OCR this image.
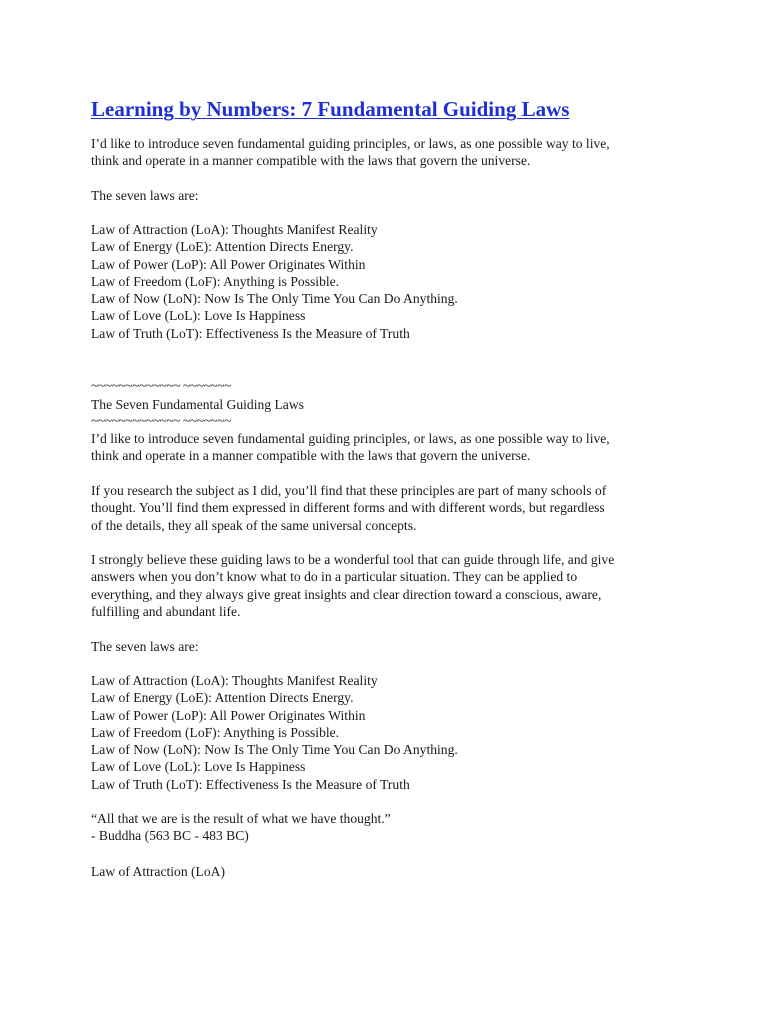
Learning by Numbers: 7 Fundamental Guiding Laws
I’d like to introduce seven fundamental guiding principles, or laws, as one possible way to live,
think and operate in a manner compatible with the laws that govern the universe.
The seven laws are:
Law of Attraction (LoA): Thoughts Manifest Reality
Law of Energy (LoE): Attention Directs Energy.
Law of Power (LoP): All Power Originates Within
Law of Freedom (LoF): Anything is Possible.
Law of Now (LoN): Now Is The Only Time You Can Do Anything.
Law of Love (LoL): Love Is Happiness
Law of Truth (LoT): Effectiveness Is the Measure of Truth
~~~~~~~~~~~~~ ~~~~~~~
The Seven Fundamental Guiding Laws
~~~~~~~~~~~~~ ~~~~~~~
I’d like to introduce seven fundamental guiding principles, or laws, as one possible way to live,
think and operate in a manner compatible with the laws that govern the universe.
If you research the subject as I did, you’ll find that these principles are part of many schools of
thought. You’ll find them expressed in different forms and with different words, but regardless
of the details, they all speak of the same universal concepts.
I strongly believe these guiding laws to be a wonderful tool that can guide through life, and give
answers when you don’t know what to do in a particular situation. They can be applied to
everything, and they always give great insights and clear direction toward a conscious, aware,
fulfilling and abundant life.
The seven laws are:
Law of Attraction (LoA): Thoughts Manifest Reality
Law of Energy (LoE): Attention Directs Energy.
Law of Power (LoP): All Power Originates Within
Law of Freedom (LoF): Anything is Possible.
Law of Now (LoN): Now Is The Only Time You Can Do Anything.
Law of Love (LoL): Love Is Happiness
Law of Truth (LoT): Effectiveness Is the Measure of Truth
“All that we are is the result of what we have thought.”
- Buddha (563 BC - 483 BC)
Law of Attraction (LoA)
